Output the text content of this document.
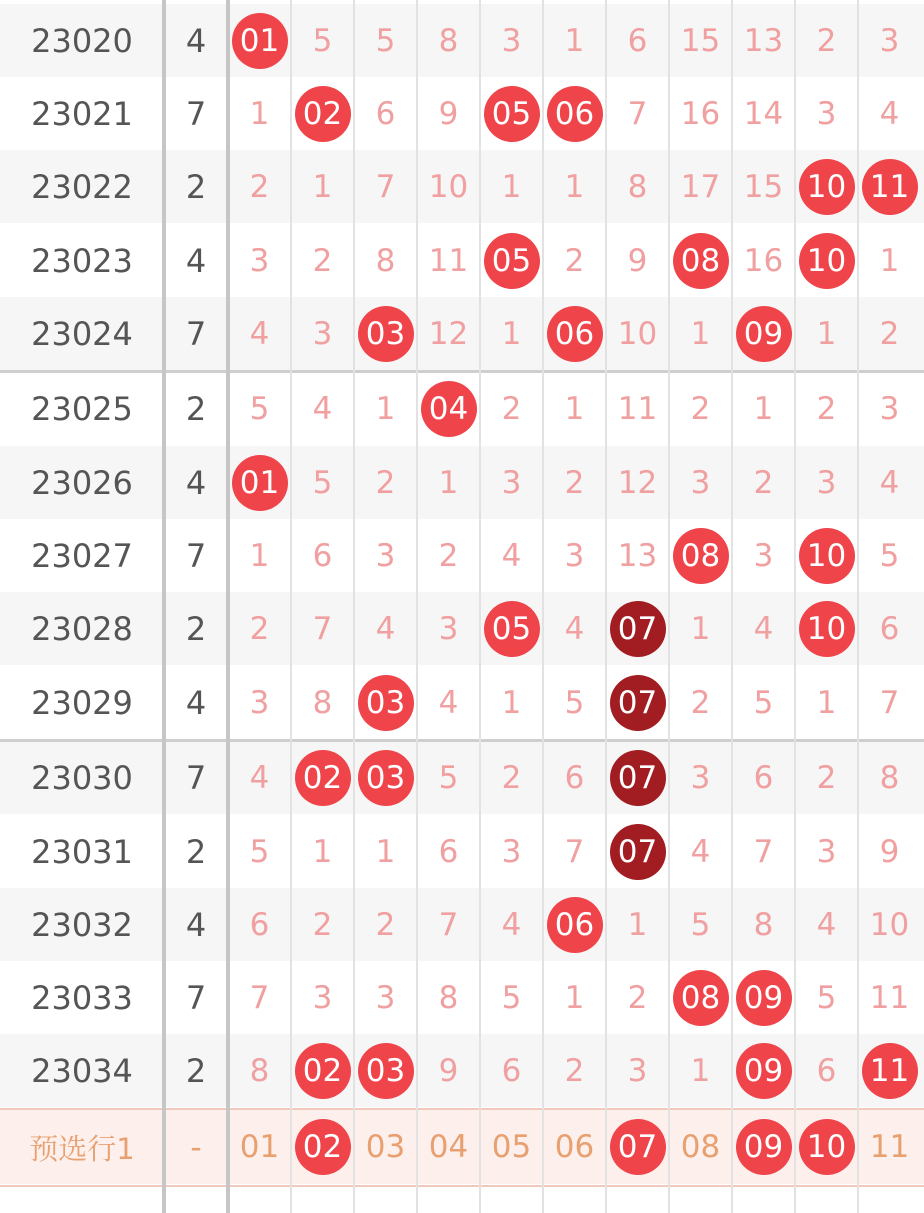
23020	4	01 5 5 8 3 1 6 15 13 2 3
23021	7	1 02 6 9 05 06 7 16 14 3 4
23022	2	2 1 7 10 1 1 8 17 15 10 11
23023	4	3 2 8 11 05 2 9 08 16 10 1
23024	7	4 3 03 12 1 06 10 1 09 1 2
23025	2	5 4 1 04 2 1 11 2 1 2 3
23026	4	01 5 2 1 3 2 12 3 2 3 4
23027	7	1 6 3 2 4 3 13 08 3 10 5
23028	2	2 7 4 3 05 4 07 1 4 10 6
23029	4	3 8 03 4 1 5 07 2 5 1 7
23030	7	4 02 03 5 2 6 07 3 6 2 8
23031	2	5 1 1 6 3 7 07 4 7 3 9
23032	4	6 2 2 7 4 06 1 5 8 4 10
23033	7	7 3 3 8 5 1 2 08 09 5 11
23034	2	8 02 03 9 6 2 3 1 09 6 11
预选行1	-	01 02 03 04 05 06 07 08 09 10 11
